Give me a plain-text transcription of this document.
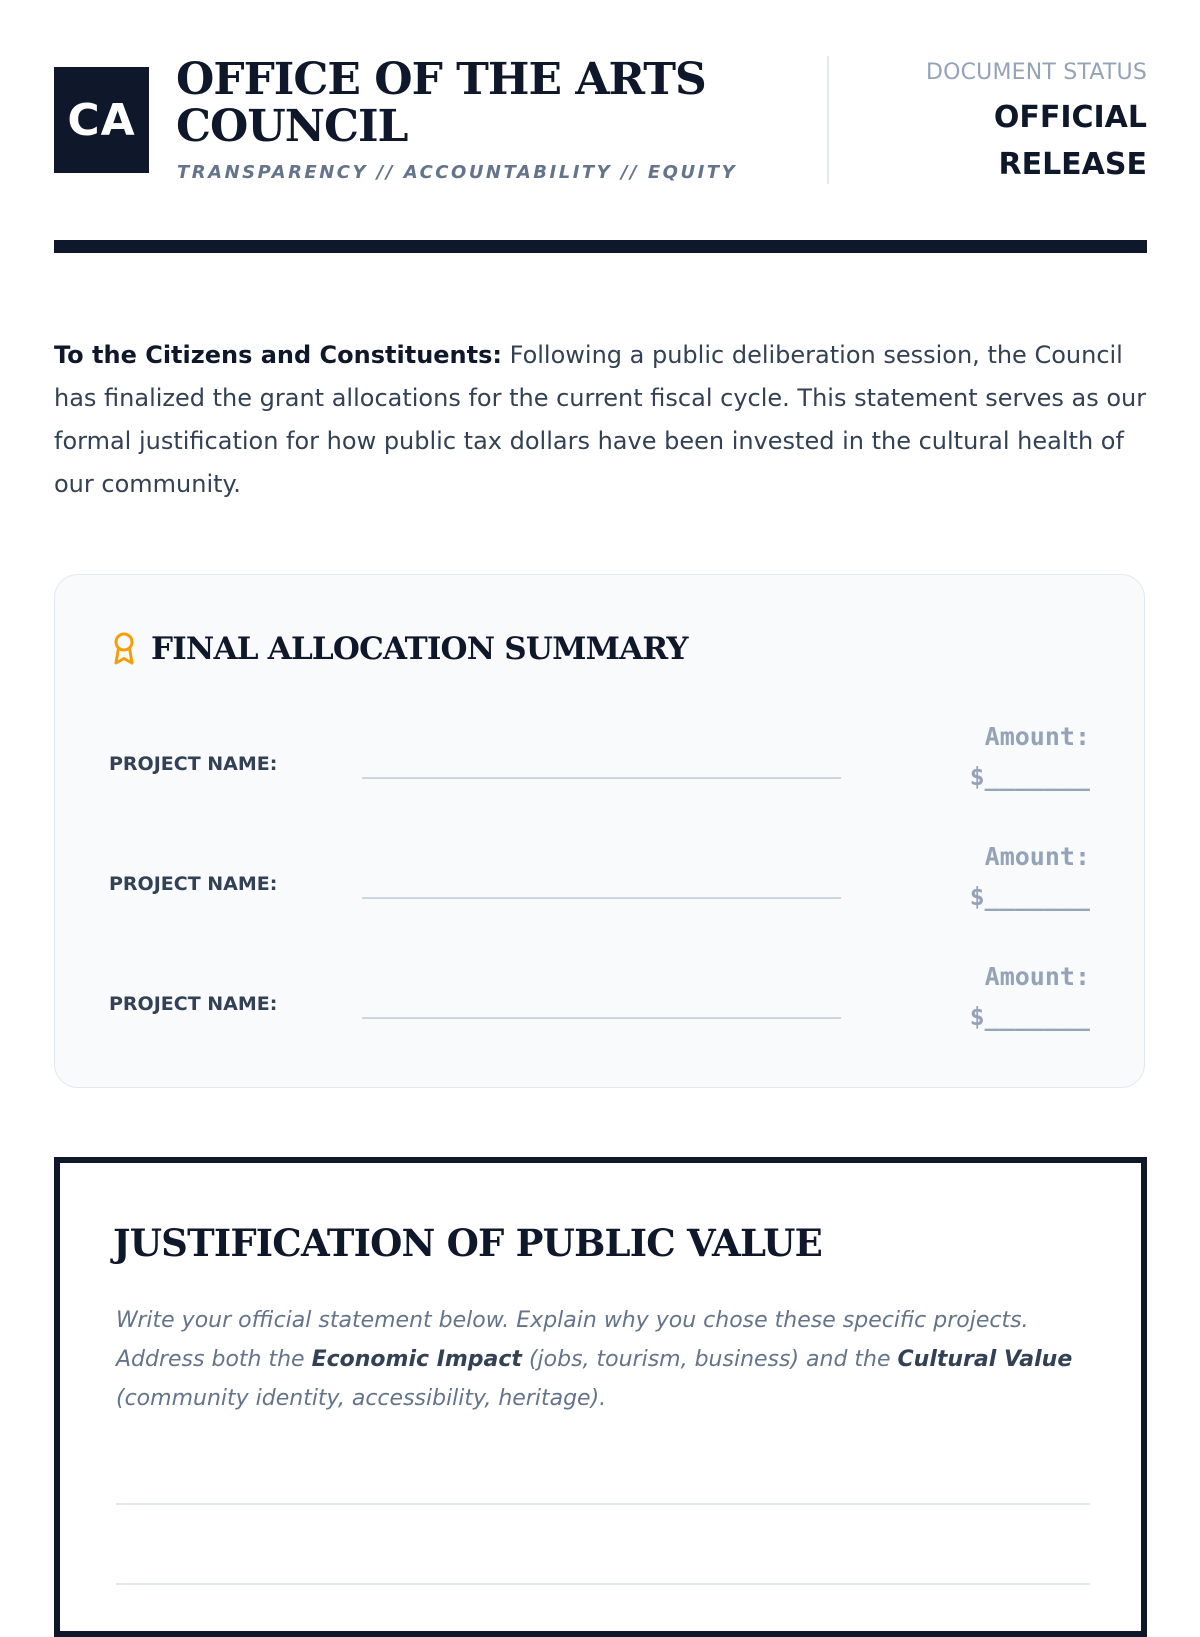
CA
OFFICE OF THE ARTS COUNCIL
TRANSPARENCY // ACCOUNTABILITY // EQUITY
DOCUMENT STATUS
OFFICIAL RELEASE

To the Citizens and Constituents: Following a public deliberation session, the Council has finalized the grant allocations for the current fiscal cycle. This statement serves as our formal justification for how public tax dollars have been invested in the cultural health of our community.

FINAL ALLOCATION SUMMARY
PROJECT NAME:
Amount:
$_______
PROJECT NAME:
Amount:
$_______
PROJECT NAME:
Amount:
$_______
JUSTIFICATION OF PUBLIC VALUE

Write your official statement below. Explain why you chose these specific projects. Address both the Economic Impact (jobs, tourism, business) and the Cultural Value (community identity, accessibility, heritage).
